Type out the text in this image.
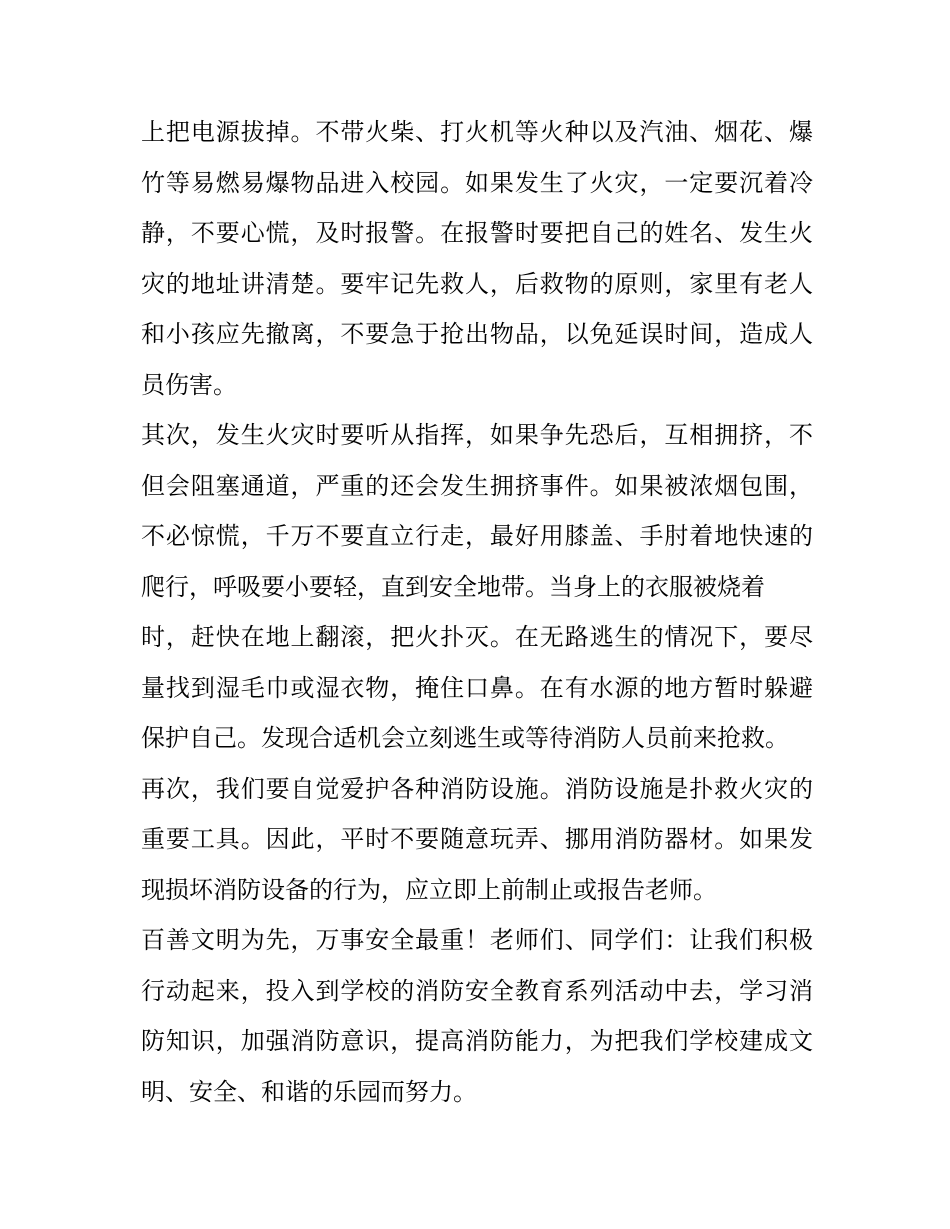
上把电源拔掉。不带火柴、打火机等火种以及汽油、烟花、爆
竹等易燃易爆物品进入校园。如果发生了火灾，一定要沉着冷
静，不要心慌，及时报警。在报警时要把自己的姓名、发生火
灾的地址讲清楚。要牢记先救人，后救物的原则，家里有老人
和小孩应先撤离，不要急于抢出物品，以免延误时间，造成人
员伤害。
其次，发生火灾时要听从指挥，如果争先恐后，互相拥挤，不
但会阻塞通道，严重的还会发生拥挤事件。如果被浓烟包围，
不必惊慌，千万不要直立行走，最好用膝盖、手肘着地快速的
爬行，呼吸要小要轻，直到安全地带。当身上的衣服被烧着
时，赶快在地上翻滚，把火扑灭。在无路逃生的情况下，要尽
量找到湿毛巾或湿衣物，掩住口鼻。在有水源的地方暂时躲避
保护自己。发现合适机会立刻逃生或等待消防人员前来抢救。
再次，我们要自觉爱护各种消防设施。消防设施是扑救火灾的
重要工具。因此，平时不要随意玩弄、挪用消防器材。如果发
现损坏消防设备的行为，应立即上前制止或报告老师。
百善文明为先，万事安全最重！老师们、同学们：让我们积极
行动起来，投入到学校的消防安全教育系列活动中去，学习消
防知识，加强消防意识，提高消防能力，为把我们学校建成文
明、安全、和谐的乐园而努力。
